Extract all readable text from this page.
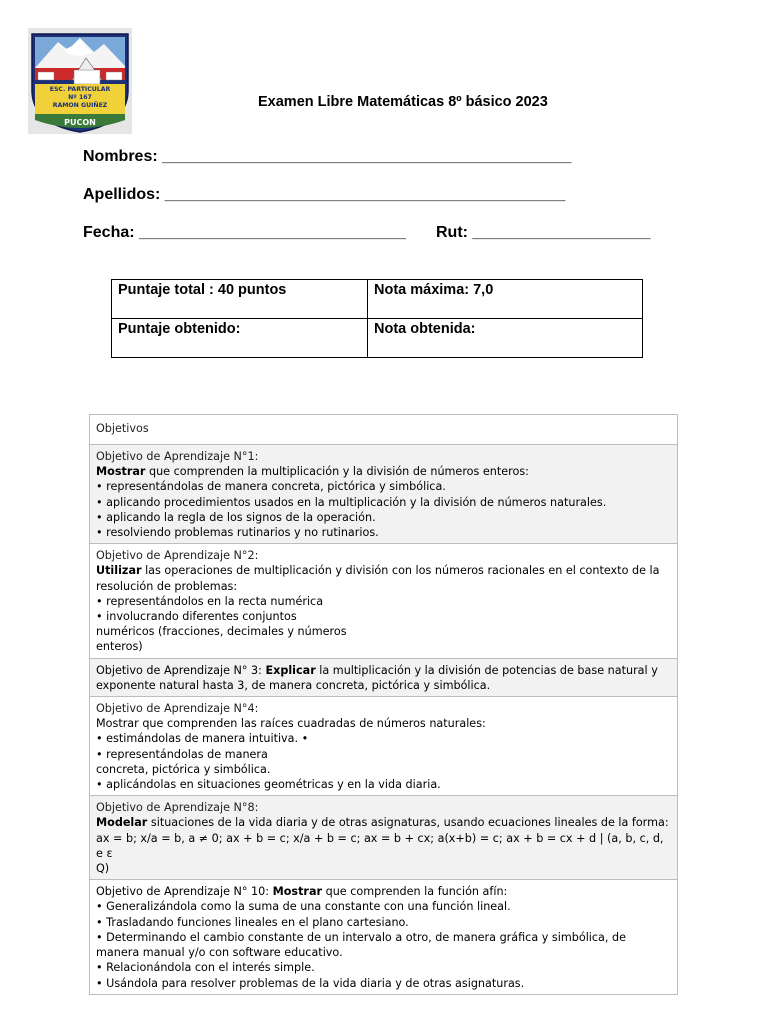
ESC. PARTICULAR
Nº 167
RAMON GUIÑEZ
PUCON
Examen Libre Matemáticas 8º básico 2023
Nombres: ______________________________________________
Apellidos: _____________________________________________
Fecha: ______________________________ Rut: ____________________
Puntaje total : 40 puntos	Nota máxima: 7,0
Puntaje obtenido:	Nota obtenida:
Objetivos

Objetivo de Aprendizaje N°1:
Mostrar que comprenden la multiplicación y la división de números enteros:
• representándolas de manera concreta, pictórica y simbólica.
• aplicando procedimientos usados en la multiplicación y la división de números naturales.
• aplicando la regla de los signos de la operación.
• resolviendo problemas rutinarios y no rutinarios.

Objetivo de Aprendizaje N°2:
Utilizar las operaciones de multiplicación y división con los números racionales en el contexto de la
resolución de problemas:
• representándolos en la recta numérica
• involucrando diferentes conjuntos
numéricos (fracciones, decimales y números
enteros)

Objetivo de Aprendizaje N° 3: Explicar la multiplicación y la división de potencias de base natural y
exponente natural hasta 3, de manera concreta, pictórica y simbólica.

Objetivo de Aprendizaje N°4:
Mostrar que comprenden las raíces cuadradas de números naturales:
• estimándolas de manera intuitiva. •
• representándolas de manera
concreta, pictórica y simbólica.
• aplicándolas en situaciones geométricas y en la vida diaria.

Objetivo de Aprendizaje N°8:
Modelar situaciones de la vida diaria y de otras asignaturas, usando ecuaciones lineales de la forma:
ax = b; x/a = b, a ≠ 0; ax + b = c; x/a + b = c; ax = b + cx; a(x+b) = c; ax + b = cx + d | (a, b, c, d, e ε
Q)

Objetivo de Aprendizaje N° 10: Mostrar que comprenden la función afín:
• Generalizándola como la suma de una constante con una función lineal.
• Trasladando funciones lineales en el plano cartesiano.
• Determinando el cambio constante de un intervalo a otro, de manera gráfica y simbólica, de
manera manual y/o con software educativo.
• Relacionándola con el interés simple.
• Usándola para resolver problemas de la vida diaria y de otras asignaturas.
